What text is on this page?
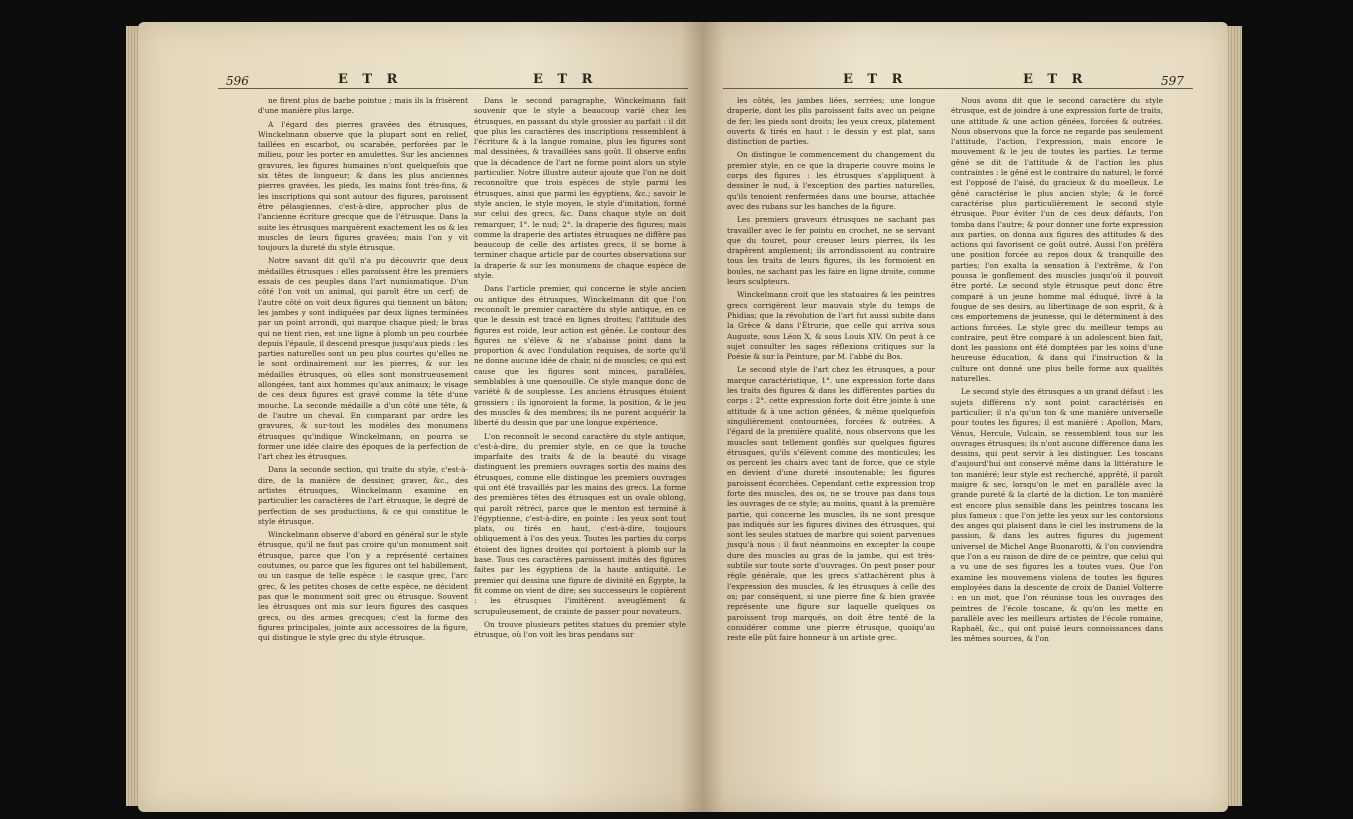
596	E T R	E T R

ne firent plus de barbe pointue ; mais ils la frisèrent d'une manière plus large.

A l'égard des pierres gravées des étrusques, Winckelmann observe que la plupart sont en relief, taillées en escarbot, ou scarabée, perforées par le milieu, pour les porter en amulettes. Sur les anciennes gravures, les figures humaines n'ont quelquefois que six têtes de longueur; & dans les plus anciennes pierres gravées, les pieds, les mains font très-fins, & les inscriptions qui sont autour des figures, paroissent être pélasgiennes, c'est-à-dire, approcher plus de l'ancienne écriture grecque que de l'étrusque. Dans la suite les étrusques marquèrent exactement les os & les muscles de leurs figures gravées; mais l'on y vit toujours la dureté du style étrusque.

Notre savant dit qu'il n'a pu découvrir que deux médailles étrusques : elles paroissent être les premiers essais de ces peuples dans l'art numismatique. D'un côté l'on voit un animal, qui paroît être un cerf; de l'autre côté on voit deux figures qui tiennent un bâton; les jambes y sont indiquées par deux lignes terminées par un point arrondi, qui marque chaque pied; le bras qui ne tient rien, est une ligne à plomb un peu courbée depuis l'épaule, il descend presque jusqu'aux pieds : les parties naturelles sont un peu plus courtes qu'elles ne le sont ordinairement sur les pierres, & sur les médailles étrusques, où elles sont monstrueusement allongées, tant aux hommes qu'aux animaux; le visage de ces deux figures est gravé comme la tête d'une mouche. La seconde médaille a d'un côté une tête, & de l'autre un cheval. En comparant par ordre les gravures, & sur-tout les modèles des monumens étrusques qu'indique Winckelmann, on pourra se former une idée claire des époques de la perfection de l'art chez les étrusques.

Dans la seconde section, qui traite du style, c'est-à-dire, de la manière de dessiner, graver, &c., des artistes étrusques, Winckelmann examine en particulier les caractères de l'art étrusque, le degré de perfection de ses productions, & ce qui constitue le style étrusque.

Winckelmann observe d'abord en général sur le style étrusque, qu'il ne faut pas croire qu'un monument soit étrusque, parce que l'on y a représenté certaines coutumes, ou parce que les figures ont tel habillement, ou un casque de telle espèce : le casque grec, l'arc grec, & les petites choses de cette espèce, ne décident pas que le monument soit grec ou étrusque. Souvent les étrusques ont mis sur leurs figures des casques grecs, ou des armes grecques; c'est la forme des figures principales, jointe aux accessoires de la figure, qui distingue le style grec du style étrusque.

Dans le second paragraphe, Winckelmann fait souvenir que le style a beaucoup varié chez les étrusques, en passant du style grossier au parfait : il dit que plus les caractères des inscriptions ressemblent à l'écriture & à la langue romaine, plus les figures sont mal dessinées, & travaillées sans goût. Il observe enfin que la décadence de l'art ne forme point alors un style particulier. Notre illustre auteur ajoute que l'on ne doit reconnoître que trois espèces de style parmi les étrusques, ainsi que parmi les égyptiens, &c.; savoir le style ancien, le style moyen, le style d'imitation, formé sur celui des grecs, &c. Dans chaque style on doit remarquer, 1°. le nud; 2°. la draperie des figures; mais comme la draperie des artistes étrusques ne diffère pas beaucoup de celle des artistes grecs, il se borne à terminer chaque article par de courtes observations sur la draperie & sur les monumens de chaque espèce de style.

Dans l'article premier, qui concerne le style ancien ou antique des étrusques, Winckelmann dit que l'on reconnoît le premier caractère du style antique, en ce que le dessin est tracé en lignes droites; l'attitude des figures est roide, leur action est gênée. Le contour des figures ne s'élève & ne s'abaisse point dans la proportion & avec l'ondulation requises, de sorte qu'il ne donne aucune idée de chair, ni de muscles; ce qui est cause que les figures sont minces, parallèles, semblables à une quenouille. Ce style manque donc de variété & de souplesse. Les anciens étrusques étoient grossiers : ils ignoroient la forme, la position, & le jeu des muscles & des membres; ils ne purent acquérir la liberté du dessin que par une longue expérience.

L'on reconnoît le second caractère du style antique, c'est-à-dire, du premier style, en ce que la touche imparfaite des traits & de la beauté du visage distinguent les premiers ouvrages sortis des mains des étrusques, comme elle distingue les premiers ouvrages qui ont été travaillés par les mains des grecs. La forme des premières têtes des étrusques est un ovale oblong, qui paroît rétréci, parce que le menton est terminé à l'égyptienne, c'est-à-dire, en pointe : les yeux sont tout plats, ou tirés en haut, c'est-à-dire, toujours obliquement à l'os des yeux. Toutes les parties du corps étoient des lignes droites qui portoient à plomb sur la base. Tous ces caractères paroissent imités des figures faites par les égyptiens de la haute antiquité. Le premier qui dessina une figure de divinité en Égypte, la fit comme on vient de dire; ses successeurs le copièrent : les étrusques l'imitèrent aveuglément & scrupuleusement, de crainte de passer pour novateurs.

On trouve plusieurs petites statues du premier style étrusque, où l'on voit les bras pendans sur

E T R	E T R	597

les côtés, les jambes liées, serrées; une longue draperie, dont les plis paroissent faits avec un peigne de fer; les pieds sont droits; les yeux creux, platement ouverts & tirés en haut : le dessin y est plat, sans distinction de parties.

On distingue le commencement du changement du premier style, en ce que la draperie couvre moins le corps des figures : les étrusques s'appliquent à dessiner le nud, à l'exception des parties naturelles, qu'ils tenoient renfermées dans une bourse, attachée avec des rubans sur les hanches de la figure.

Les premiers graveurs étrusques ne sachant pas travailler avec le fer pointu en crochet, ne se servant que du touret, pour creuser leurs pierres, ils les drapèrent amplement; ils arrondissoient au contraire tous les traits de leurs figures, ils les formoient en boules, ne sachant pas les faire en ligne droite, comme leurs sculpteurs.

Winckelmann croit que les statuaires & les peintres grecs corrigèrent leur mauvais style du temps de Phidias; que la révolution de l'art fut aussi subite dans la Grèce & dans l'Étrurie, que celle qui arriva sous Auguste, sous Léon X, & sous Louis XIV. On peut à ce sujet consulter les sages réflexions critiques sur la Poésie & sur la Peinture, par M. l'abbé du Bos.

Le second style de l'art chez les étrusques, a pour marque caractéristique, 1°. une expression forte dans les traits des figures & dans les différentes parties du corps : 2°. cette expression forte doit être jointe à une attitude & à une action gênées, & même quelquefois singulièrement contournées, forcées & outrées. A l'égard de la première qualité, nous observons que les muscles sont tellement gonflés sur quelques figures étrusques, qu'ils s'élèvent comme des monticules; les os percent les chairs avec tant de force, que ce style en devient d'une dureté insoutenable; les figures paroissent écorchées. Cependant cette expression trop forte des muscles, des os, ne se trouve pas dans tous les ouvrages de ce style; au moins, quant à la première partie, qui concerne les muscles, ils ne sont presque pas indiqués sur les figures divines des étrusques, qui sont les seules statues de marbre qui soient parvenues jusqu'à nous : il faut néanmoins en excepter la coupe dure des muscles au gras de la jambe, qui est très-subtile sur toute sorte d'ouvrages. On peut poser pour règle générale, que les grecs s'attachèrent plus à l'expression des muscles, & les étrusques à celle des os; par conséquent, si une pierre fine & bien gravée représente une figure sur laquelle quelques os paroissent trop marqués, on doit être tenté de la considérer comme une pierre étrusque, quoiqu'au reste elle pût faire honneur à un artiste grec.

Nous avons dit que le second caractère du style étrusque, est de joindre à une expression forte de traits, une attitude & une action gênées, forcées & outrées. Nous observons que la force ne regarde pas seulement l'attitude, l'action, l'expression, mais encore le mouvement & le jeu de toutes les parties. Le terme gêné se dit de l'attitude & de l'action les plus contraintes : le gêné est le contraire du naturel; le forcé est l'opposé de l'aisé, du gracieux & du moelleux. Le gêné caractérise le plus ancien style; & le forcé caractérise plus particulièrement le second style étrusque. Pour éviter l'un de ces deux défauts, l'on tomba dans l'autre; & pour donner une forte expression aux parties, on donna aux figures des attitudes & des actions qui favorisent ce goût outré. Aussi l'on préféra une position forcée au repos doux & tranquille des parties; l'on exalta la sensation à l'extrême, & l'on poussa le gonflement des muscles jusqu'où il pouvoit être porté. Le second style étrusque peut donc être comparé à un jeune homme mal éduqué, livré à la fougue de ses desirs, au libertinage de son esprit, & à ces emportemens de jeunesse, qui le déterminent à des actions forcées. Le style grec du meilleur temps au contraire, peut être comparé à un adolescent bien fait, dont les passions ont été domptées par les soins d'une heureuse éducation, & dans qui l'instruction & la culture ont donné une plus belle forme aux qualités naturelles.

Le second style des étrusques a un grand défaut : les sujets différens n'y sont point caractérisés en particulier; il n'a qu'un ton & une manière universelle pour toutes les figures; il est manièré : Apollon, Mars, Vénus, Hercule, Vulcain, se ressemblent tous sur les ouvrages étrusques; ils n'ont aucune différence dans les dessins, qui peut servir à les distinguer. Les toscans d'aujourd'hui ont conservé même dans la littérature le ton manièré; leur style est recherché, apprêté, il paroît maigre & sec, lorsqu'on le met en parallèle avec la grande pureté & la clarté de la diction. Le ton manièré est encore plus sensible dans les peintres toscans les plus fameux : que l'on jette les yeux sur les contorsions des anges qui plaisent dans le ciel les instrumens de la passion, & dans les autres figures du jugement universel de Michel Ange Buonarotti, & l'on conviendra que l'on a eu raison de dire de ce peintre, que celui qui a vu une de ses figures les a toutes vues. Que l'on examine les mouvemens violens de toutes les figures employées dans la descente de croix de Daniel Volterre : en un mot, que l'on réunisse tous les ouvrages des peintres de l'école toscane, & qu'on les mette en parallèle avec les meilleurs artistes de l'école romaine, Raphaël, &c., qui ont puisé leurs connoissances dans les mêmes sources, & l'on
